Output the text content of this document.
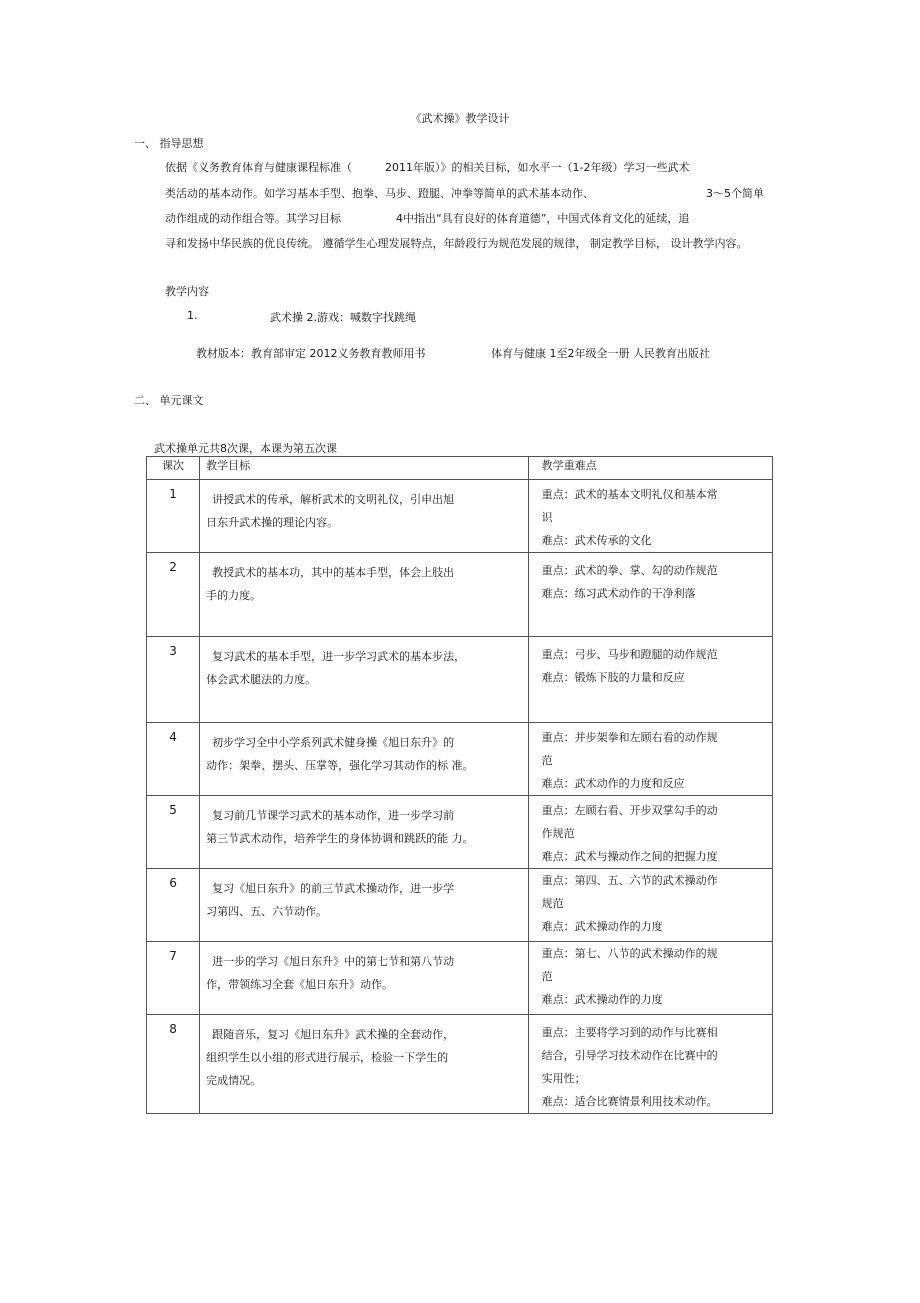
《武术操》教学设计
一、 指导思想
依据《义务教育体育与健康课程标准（　　　2011年版）》的相关目标，如水平一（1-2年级）学习一些武术
类活动的基本动作。如学习基本手型、抱拳、马步、蹬腿、冲拳等简单的武术基本动作、	3～5个简单
动作组成的动作组合等。其学习目标	4中指出“具有良好的体育道德”，中国式体育文化的延续，追
寻和发扬中华民族的优良传统。 遵循学生心理发展特点，年龄段行为规范发展的规律， 制定教学目标， 设计教学内容。
教学内容
1.	武术操 2.游戏：喊数字找跳绳
教材版本：教育部审定 2012义务教育教师用书	体育与健康 1至2年级全一册 人民教育出版社
二、 单元课文
武术操单元共8次课，本课为第五次课
课次	教学目标	教学重难点

1	讲授武术的传承，解析武术的文明礼仪，引申出旭
日东升武术操的理论内容。	重点：武术的基本文明礼仪和基本常
识
难点：武术传承的文化

2	教授武术的基本功，其中的基本手型，体会上肢出
手的力度。	重点：武术的拳、掌、勾的动作规范
难点：练习武术动作的干净利落

3	复习武术的基本手型，进一步学习武术的基本步法，
体会武术腿法的力度。	重点：弓步、马步和蹬腿的动作规范
难点：锻炼下肢的力量和反应

4	初步学习全中小学系列武术健身操《旭日东升》的
动作：架拳、摆头、压掌等，强化学习其动作的标 准。	重点：并步架拳和左顾右看的动作规
范
难点：武术动作的力度和反应

5	复习前几节课学习武术的基本动作，进一步学习前
第三节武术动作，培养学生的身体协调和跳跃的能 力。	重点：左顾右看、开步双掌勾手的动
作规范
难点：武术与操动作之间的把握力度

6	复习《旭日东升》的前三节武术操动作，进一步学
习第四、五、六节动作。	重点：第四、五、六节的武术操动作
规范
难点：武术操动作的力度

7	进一步的学习《旭日东升》中的第七节和第八节动
作，带领练习全套《旭日东升》动作。	重点：第七、八节的武术操动作的规
范
难点：武术操动作的力度

8	跟随音乐，复习《旭日东升》武术操的全套动作，
组织学生以小组的形式进行展示，检验一下学生的
完成情况。	重点：主要将学习到的动作与比赛相
结合，引导学习技术动作在比赛中的
实用性；
难点：适合比赛情景利用技术动作。
